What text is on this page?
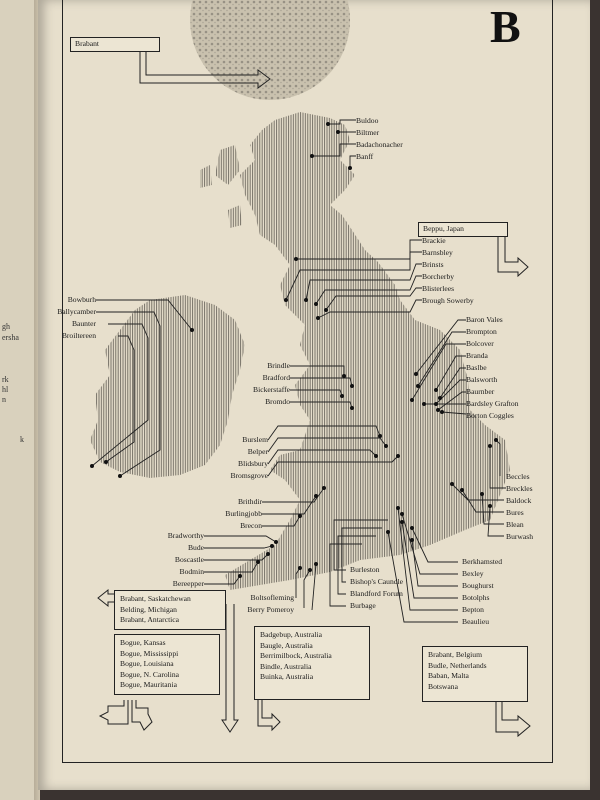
gh
ersha
rk
hl
n
k
B
Brabant
Beppu, Japan
Buldoo
Biltmer
Badachonacher
Banff
Brackie
Barnsbley
Brinsts
Borcherby
Blisterlees
Brough Sowerby
Baron Vales
Brompton
Bolcover
Branda
Baslbe
Balsworth
Baurnber
Bardsley Grafton
Borton Coggles
Bowburh
Ballycamber
Baunter
Broiltereen
Brindle
Bradford
Bickerstaffe
Bromdo
Burslem
Belper
Blidsbury
Bromsgrove
Brithdir
Burlingjobb
Brecon
Bradworthy
Bude
Boscastle
Bodmin
Bereepper
Beccles
Breckles
Baldock
Bures
Blean
Burwash
Berkhamsted
Bexley
Boughurst
Botolphs
Bepton
Beaulieu
Burleston
Bishop's Caundle
Blandford Forum
Burbage
Boltsofleming
Berry Pomeroy
Brabant, Saskatchewan
Belding, Michigan
Brabant, Antarctica
Bogue, Kansas
Bogue, Mississippi
Bogue, Louisiana
Bogue, N. Carolina
Bogue, Mauritania
Badgebup, Australia
Baugle, Australia
Berrimilbock, Australia
Bindle, Australia
Buinka, Australia
Brabant, Belgium
Budle, Netherlands
Baban, Malta
Botswana
